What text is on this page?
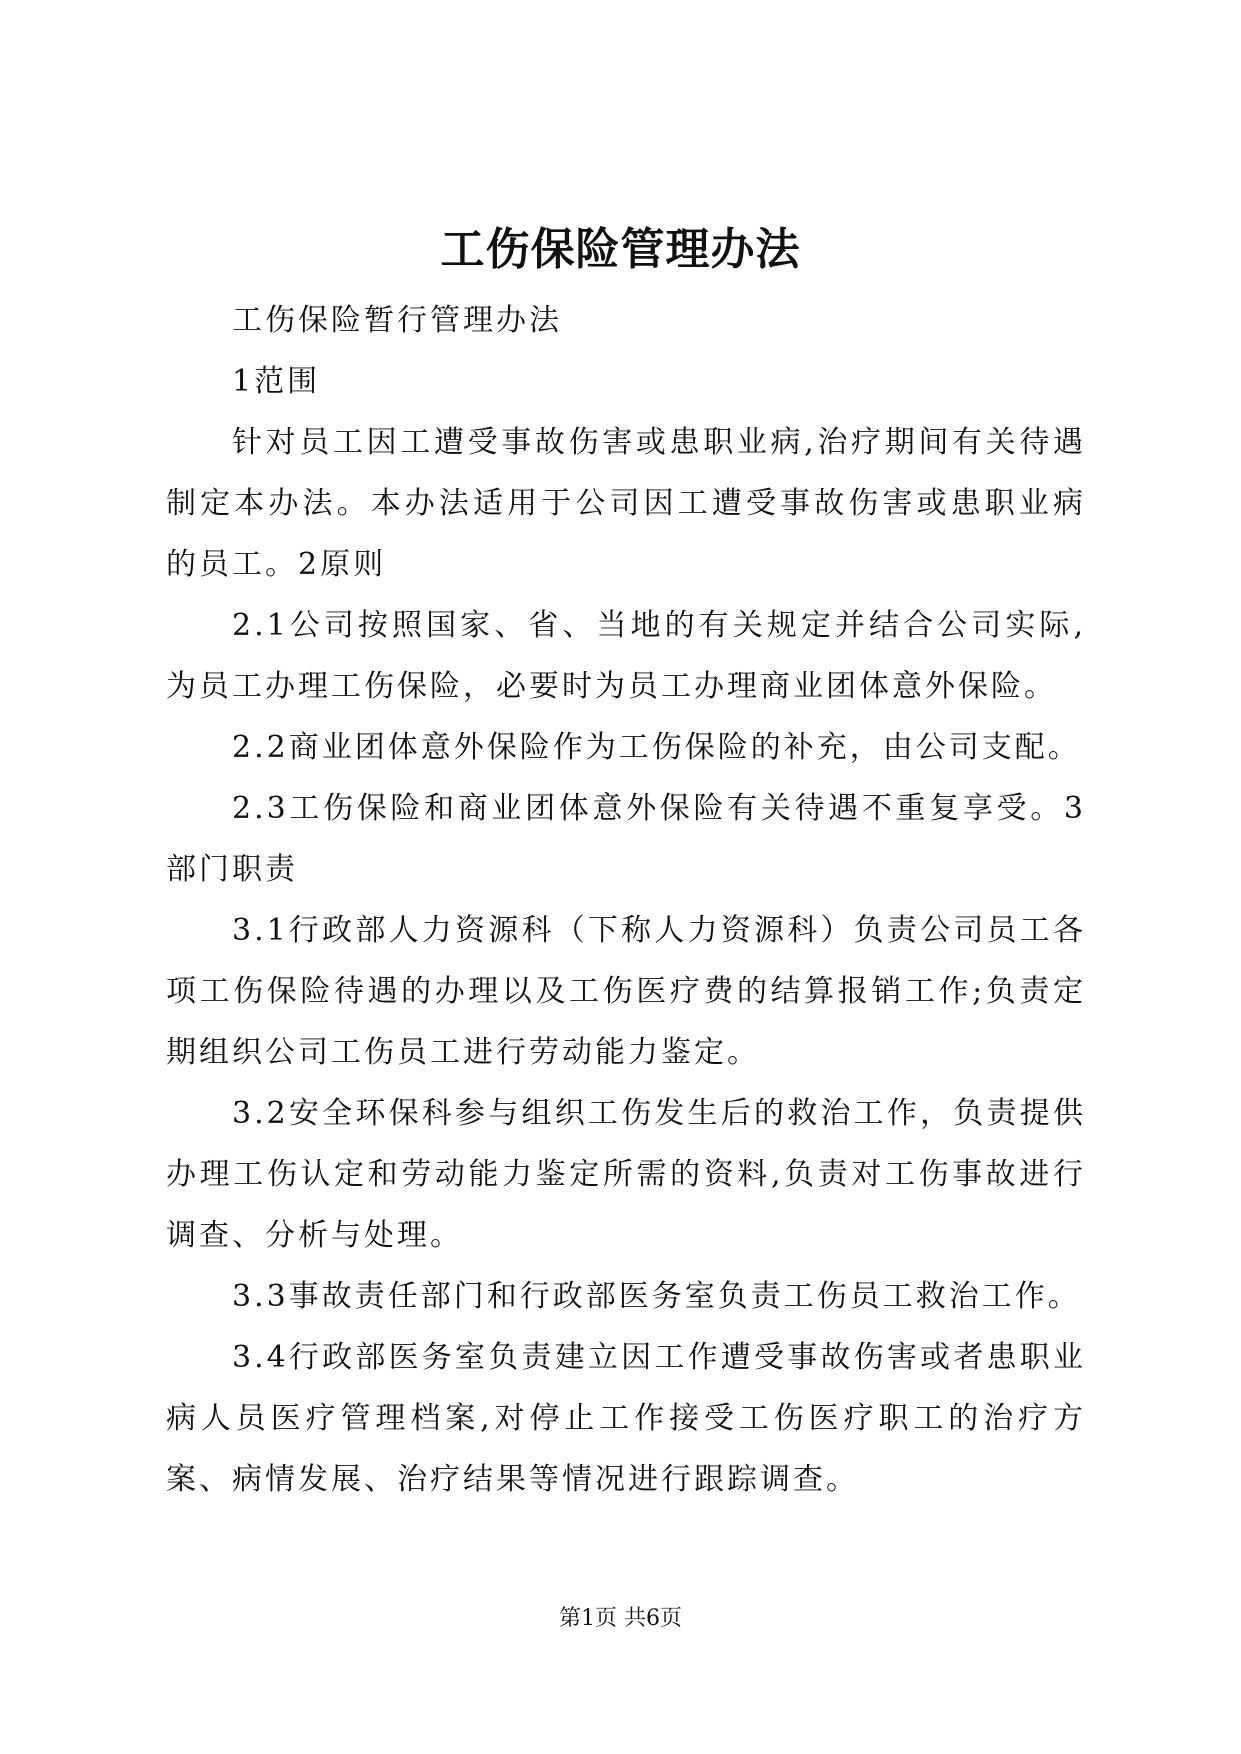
工伤保险管理办法

工伤保险暂行管理办法

1范围

针对员工因工遭受事故伤害或患职业病,治疗期间有关待遇制定本办法。本办法适用于公司因工遭受事故伤害或患职业病的员工。2原则

2.1公司按照国家、省、当地的有关规定并结合公司实际,为员工办理工伤保险，必要时为员工办理商业团体意外保险。

2.2商业团体意外保险作为工伤保险的补充，由公司支配。

2.3工伤保险和商业团体意外保险有关待遇不重复享受。3部门职责

3.1行政部人力资源科（下称人力资源科）负责公司员工各项工伤保险待遇的办理以及工伤医疗费的结算报销工作;负责定期组织公司工伤员工进行劳动能力鉴定。

3.2安全环保科参与组织工伤发生后的救治工作，负责提供办理工伤认定和劳动能力鉴定所需的资料,负责对工伤事故进行调查、分析与处理。

3.3事故责任部门和行政部医务室负责工伤员工救治工作。

3.4行政部医务室负责建立因工作遭受事故伤害或者患职业病人员医疗管理档案,对停止工作接受工伤医疗职工的治疗方案、病情发展、治疗结果等情况进行跟踪调查。

第1页 共6页
